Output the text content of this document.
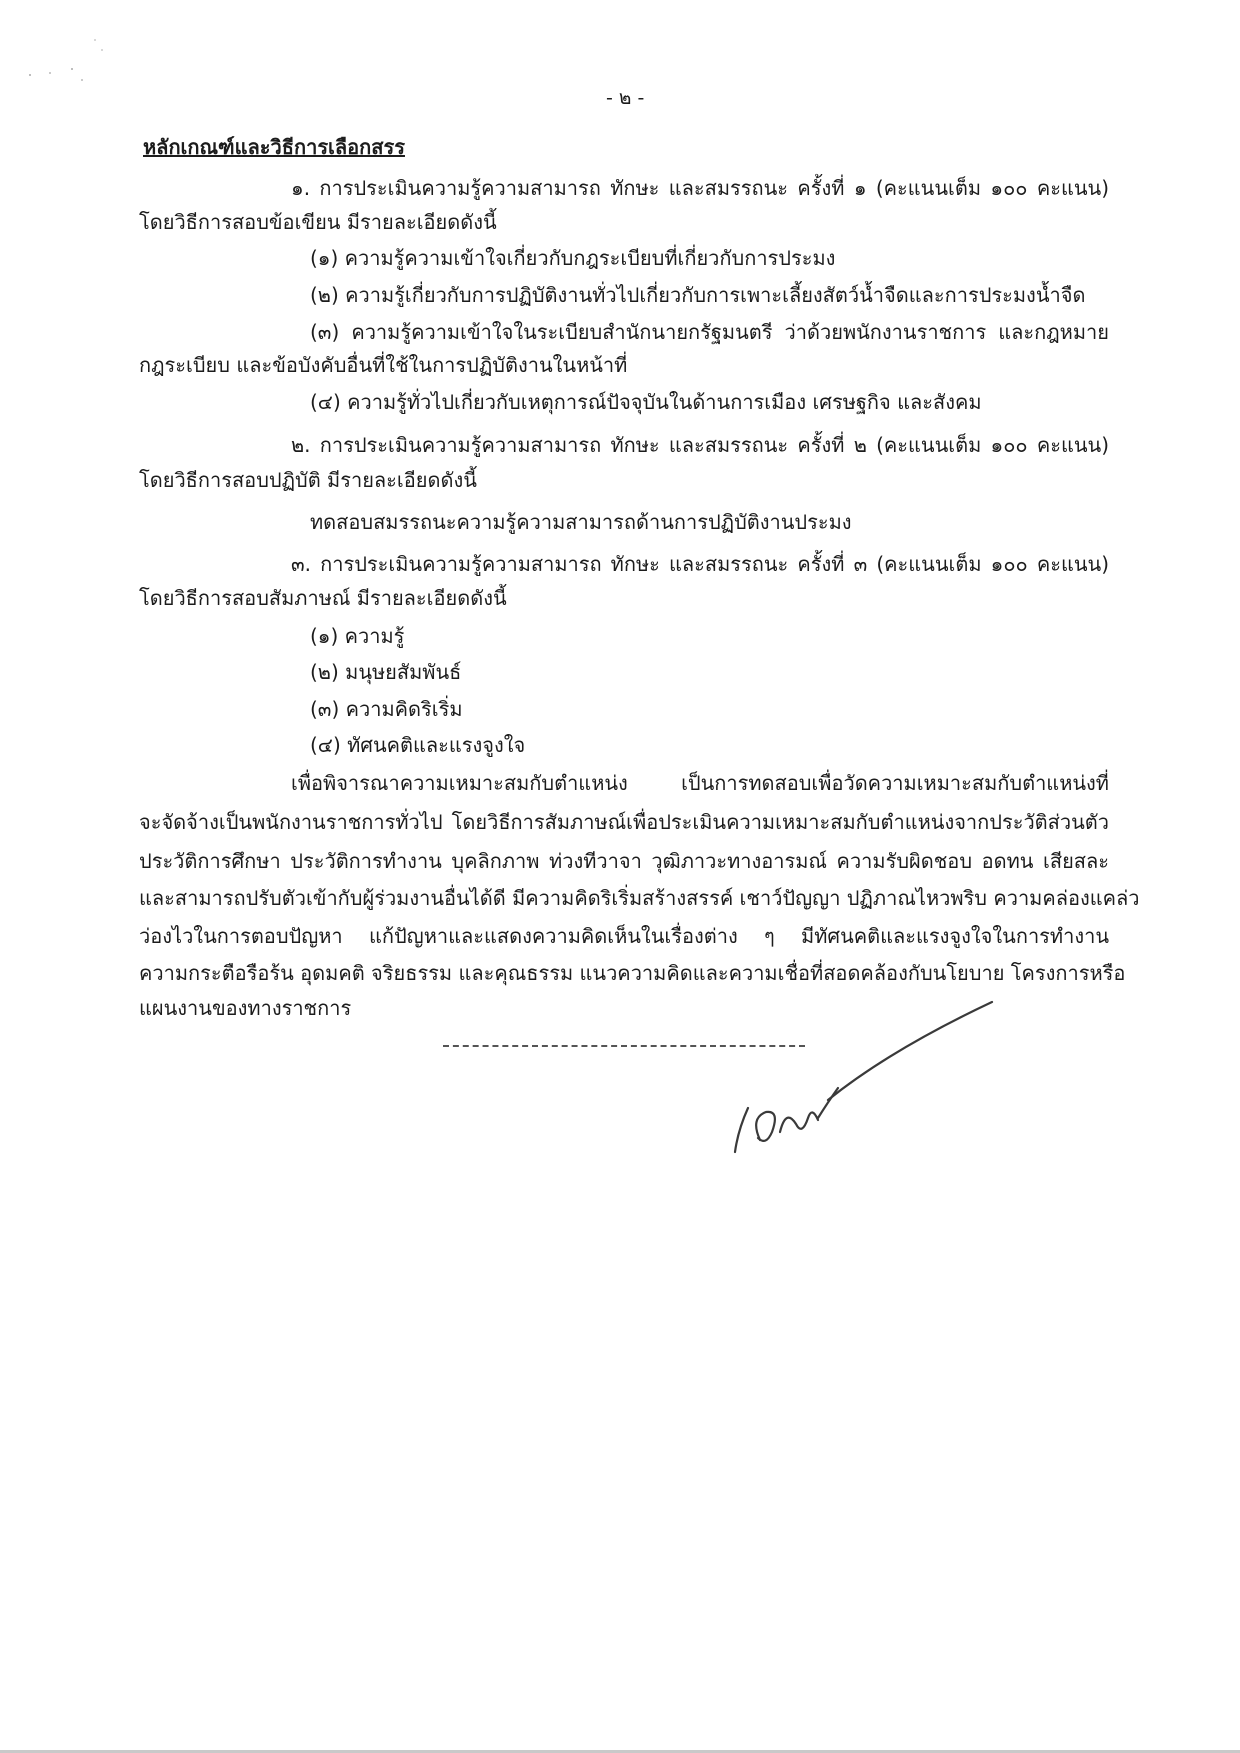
- ๒ -
หลักเกณฑ์และวิธีการเลือกสรร
๑. การประเมินความรู้ความสามารถ ทักษะ และสมรรถนะ ครั้งที่ ๑ (คะแนนเต็ม ๑๐๐ คะแนน)
โดยวิธีการสอบข้อเขียน มีรายละเอียดดังนี้
(๑) ความรู้ความเข้าใจเกี่ยวกับกฎระเบียบที่เกี่ยวกับการประมง
(๒) ความรู้เกี่ยวกับการปฏิบัติงานทั่วไปเกี่ยวกับการเพาะเลี้ยงสัตว์น้ำจืดและการประมงน้ำจืด
(๓) ความรู้ความเข้าใจในระเบียบสำนักนายกรัฐมนตรี ว่าด้วยพนักงานราชการ และกฎหมาย
กฎระเบียบ และข้อบังคับอื่นที่ใช้ในการปฏิบัติงานในหน้าที่
(๔) ความรู้ทั่วไปเกี่ยวกับเหตุการณ์ปัจจุบันในด้านการเมือง เศรษฐกิจ และสังคม
๒. การประเมินความรู้ความสามารถ ทักษะ และสมรรถนะ ครั้งที่ ๒ (คะแนนเต็ม ๑๐๐ คะแนน)
โดยวิธีการสอบปฏิบัติ มีรายละเอียดดังนี้
ทดสอบสมรรถนะความรู้ความสามารถด้านการปฏิบัติงานประมง
๓. การประเมินความรู้ความสามารถ ทักษะ และสมรรถนะ ครั้งที่ ๓ (คะแนนเต็ม ๑๐๐ คะแนน)
โดยวิธีการสอบสัมภาษณ์ มีรายละเอียดดังนี้
(๑) ความรู้
(๒) มนุษยสัมพันธ์
(๓) ความคิดริเริ่ม
(๔) ทัศนคติและแรงจูงใจ
เพื่อพิจารณาความเหมาะสมกับตำแหน่ง เป็นการทดสอบเพื่อวัดความเหมาะสมกับตำแหน่งที่
จะจัดจ้างเป็นพนักงานราชการทั่วไป โดยวิธีการสัมภาษณ์เพื่อประเมินความเหมาะสมกับตำแหน่งจากประวัติส่วนตัว
ประวัติการศึกษา ประวัติการทำงาน บุคลิกภาพ ท่วงทีวาจา วุฒิภาวะทางอารมณ์ ความรับผิดชอบ อดทน เสียสละ
และสามารถปรับตัวเข้ากับผู้ร่วมงานอื่นได้ดี มีความคิดริเริ่มสร้างสรรค์ เชาว์ปัญญา ปฏิภาณไหวพริบ ความคล่องแคล่ว
ว่องไวในการตอบปัญหา แก้ปัญหาและแสดงความคิดเห็นในเรื่องต่าง ๆ มีทัศนคติและแรงจูงใจในการทำงาน
ความกระตือรือร้น อุดมคติ จริยธรรม และคุณธรรม แนวความคิดและความเชื่อที่สอดคล้องกับนโยบาย โครงการหรือ
แผนงานของทางราชการ
